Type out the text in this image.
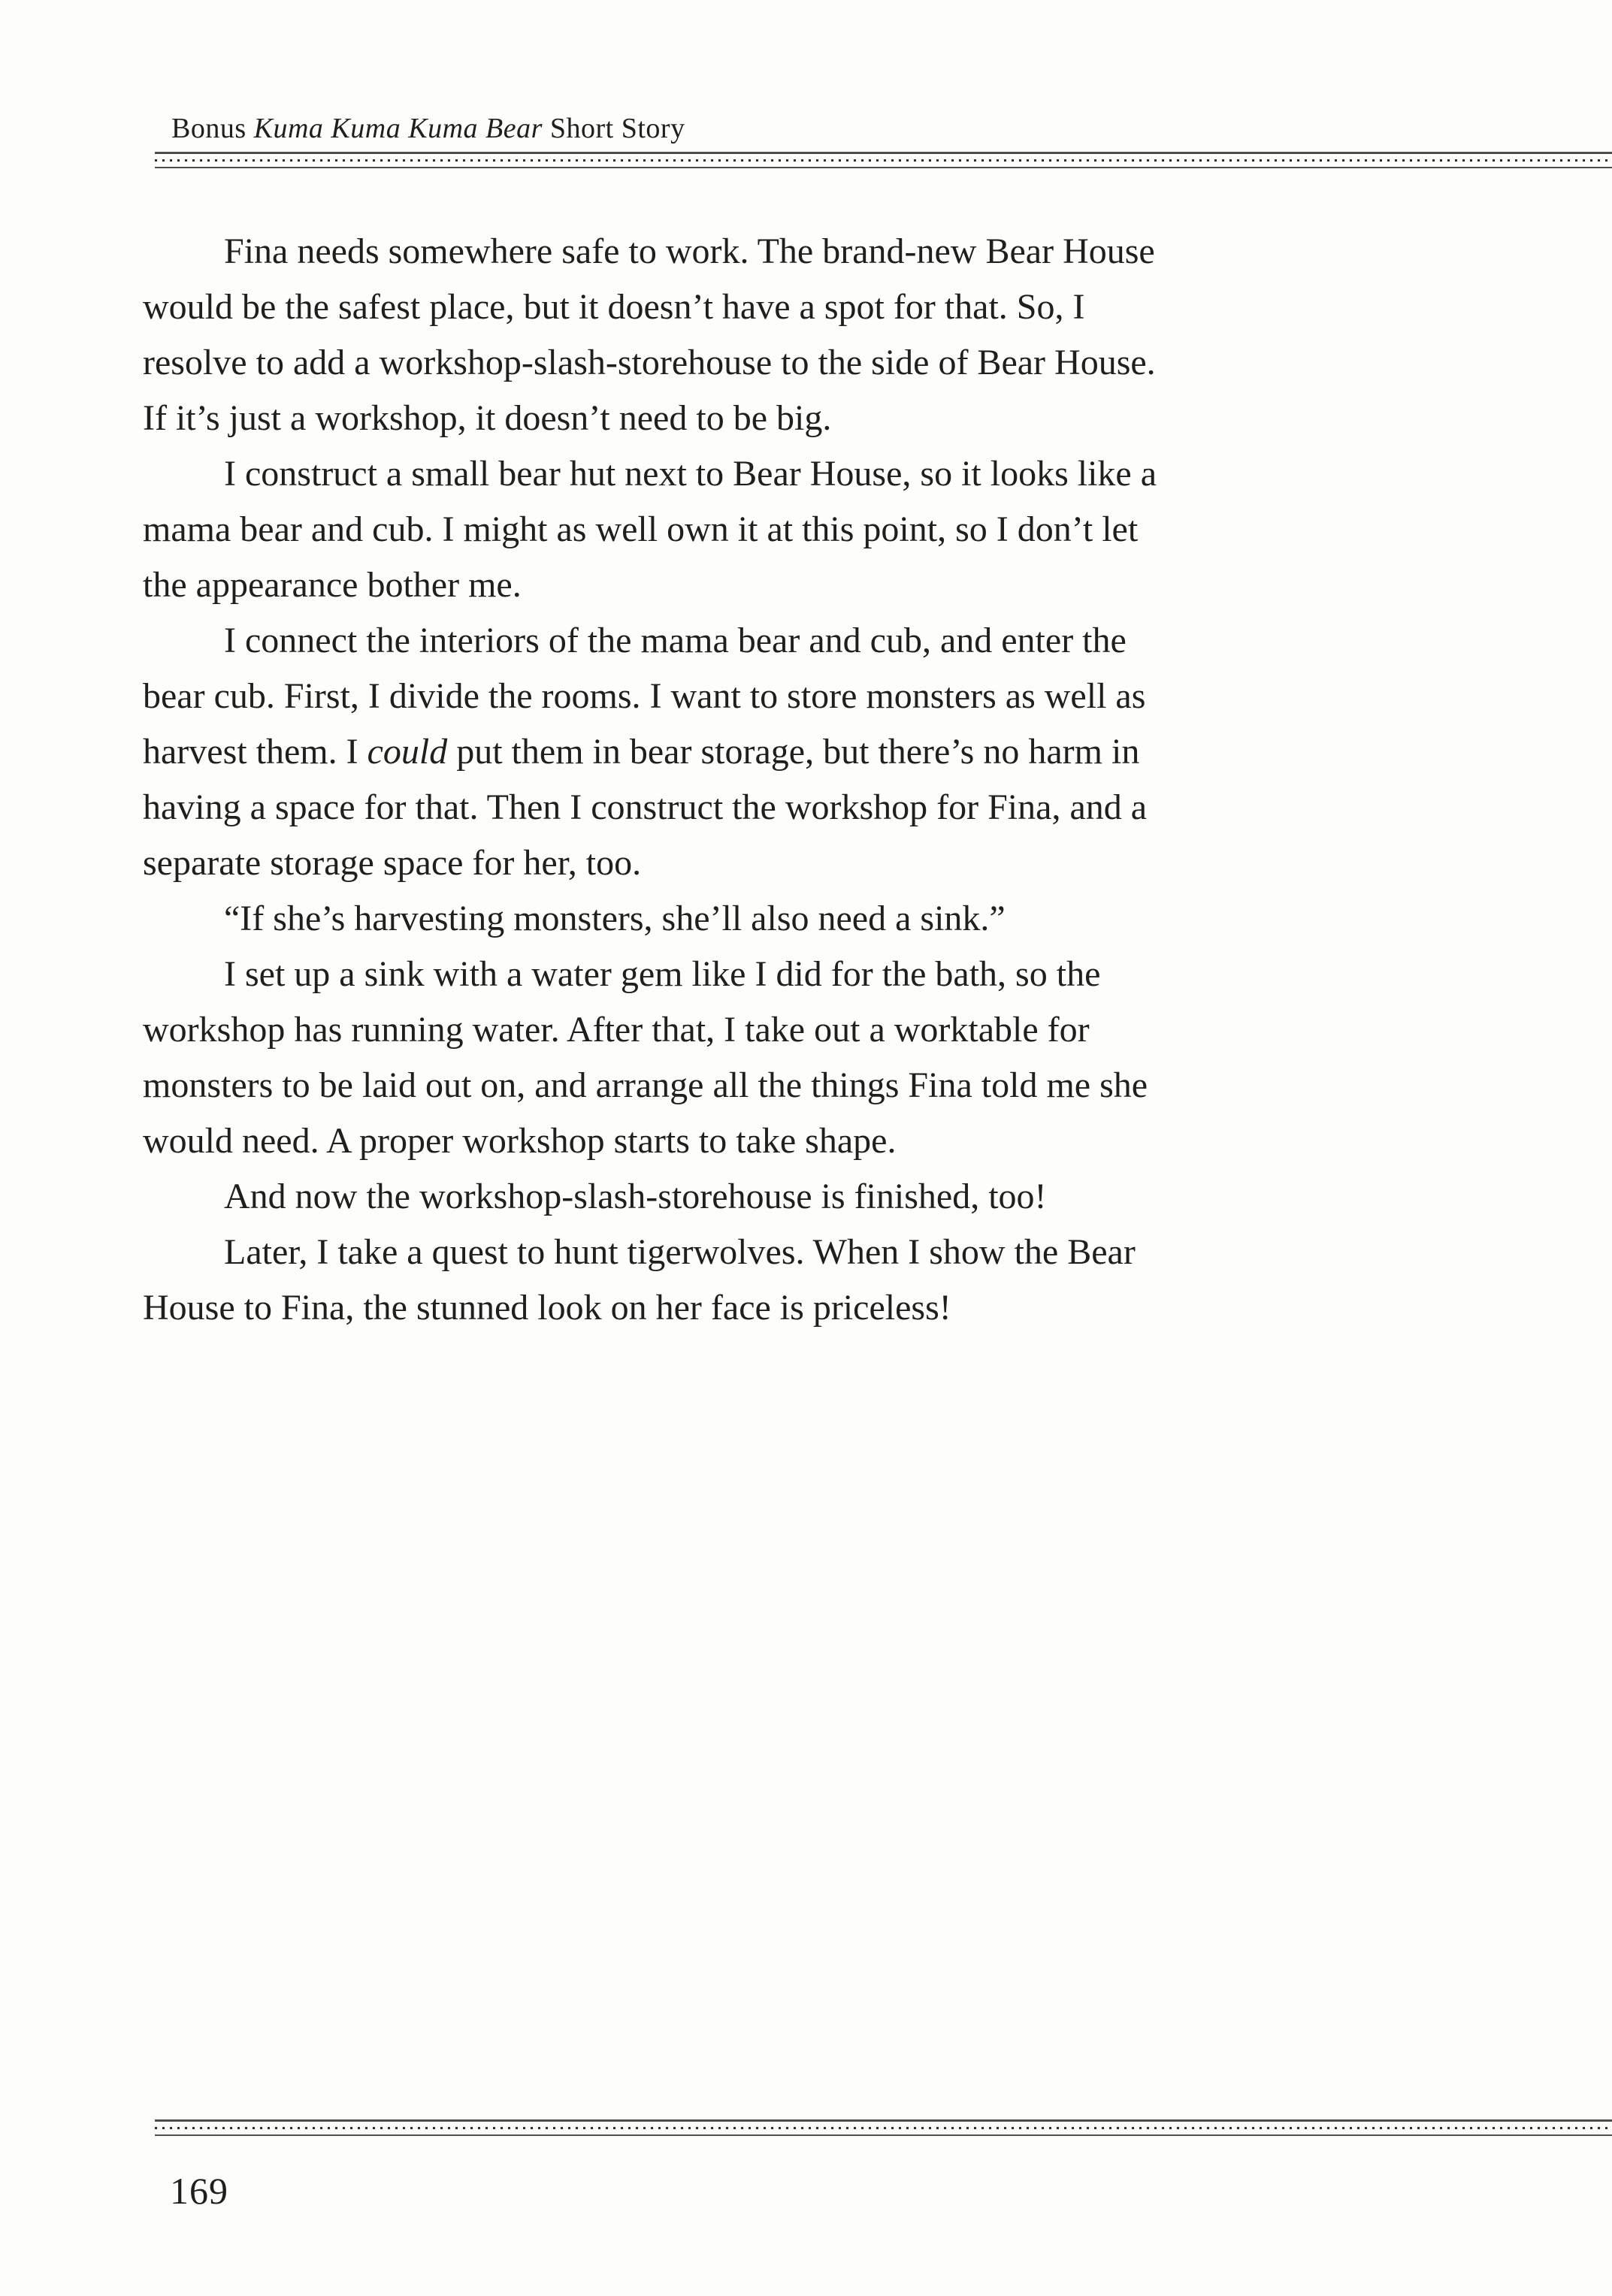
Bonus Kuma Kuma Kuma Bear Short Story

Fina needs somewhere safe to work. The brand-new Bear House
would be the safest place, but it doesn’t have a spot for that. So, I
resolve to add a workshop-slash-storehouse to the side of Bear House.
If it’s just a workshop, it doesn’t need to be big.

I construct a small bear hut next to Bear House, so it looks like a
mama bear and cub. I might as well own it at this point, so I don’t let
the appearance bother me.

I connect the interiors of the mama bear and cub, and enter the
bear cub. First, I divide the rooms. I want to store monsters as well as
harvest them. I could put them in bear storage, but there’s no harm in
having a space for that. Then I construct the workshop for Fina, and a
separate storage space for her, too.

“If she’s harvesting monsters, she’ll also need a sink.”

I set up a sink with a water gem like I did for the bath, so the
workshop has running water. After that, I take out a worktable for
monsters to be laid out on, and arrange all the things Fina told me she
would need. A proper workshop starts to take shape.

And now the workshop-slash-storehouse is finished, too!

Later, I take a quest to hunt tigerwolves. When I show the Bear
House to Fina, the stunned look on her face is priceless!

169
